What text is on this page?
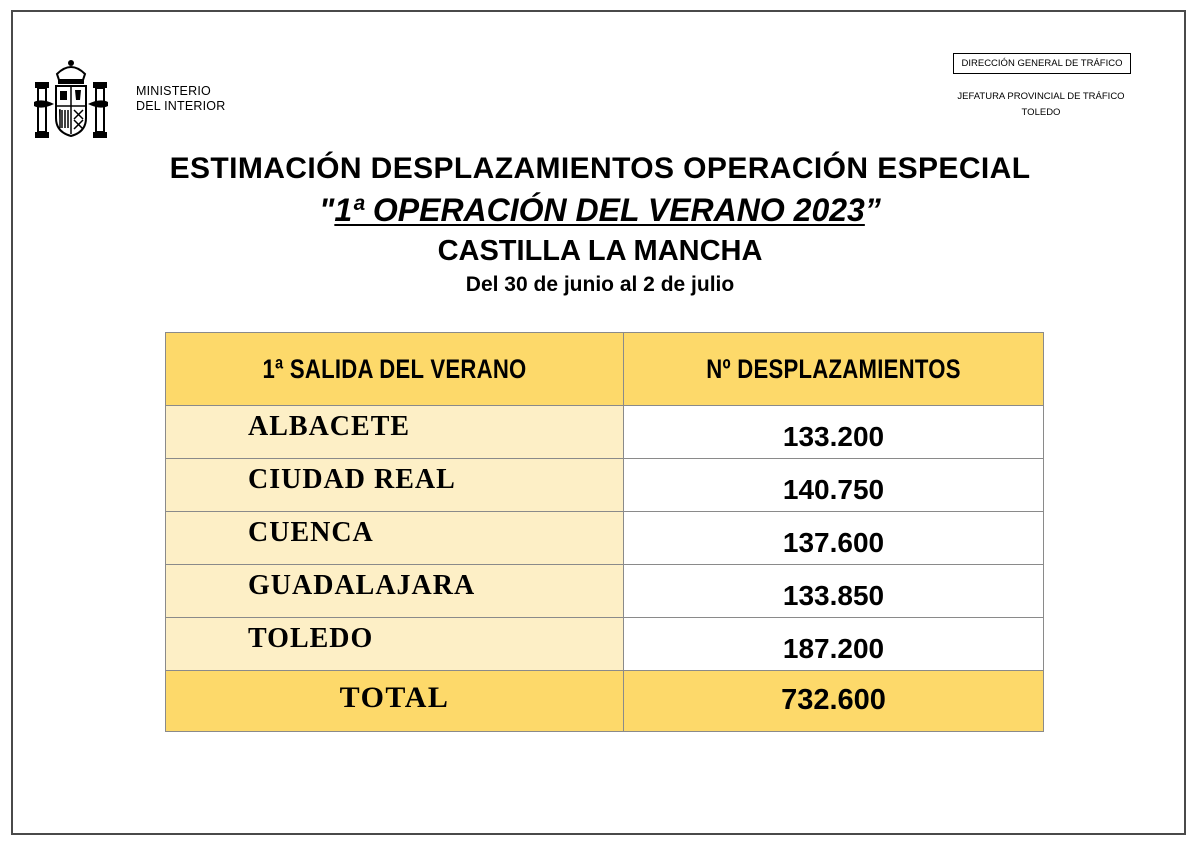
MINISTERIO
DEL INTERIOR
DIRECCIÓN GENERAL DE TRÁFICO
JEFATURA PROVINCIAL DE TRÁFICO
TOLEDO
ESTIMACIÓN DESPLAZAMIENTOS OPERACIÓN ESPECIAL
"1ª OPERACIÓN DEL VERANO 2023”
CASTILLA LA MANCHA
Del 30 de junio al 2 de julio
1ª SALIDA DEL VERANO	Nº DESPLAZAMIENTOS

ALBACETE	133.200

CIUDAD REAL	140.750

CUENCA	137.600

GUADALAJARA	133.850

TOLEDO	187.200

TOTAL	732.600
